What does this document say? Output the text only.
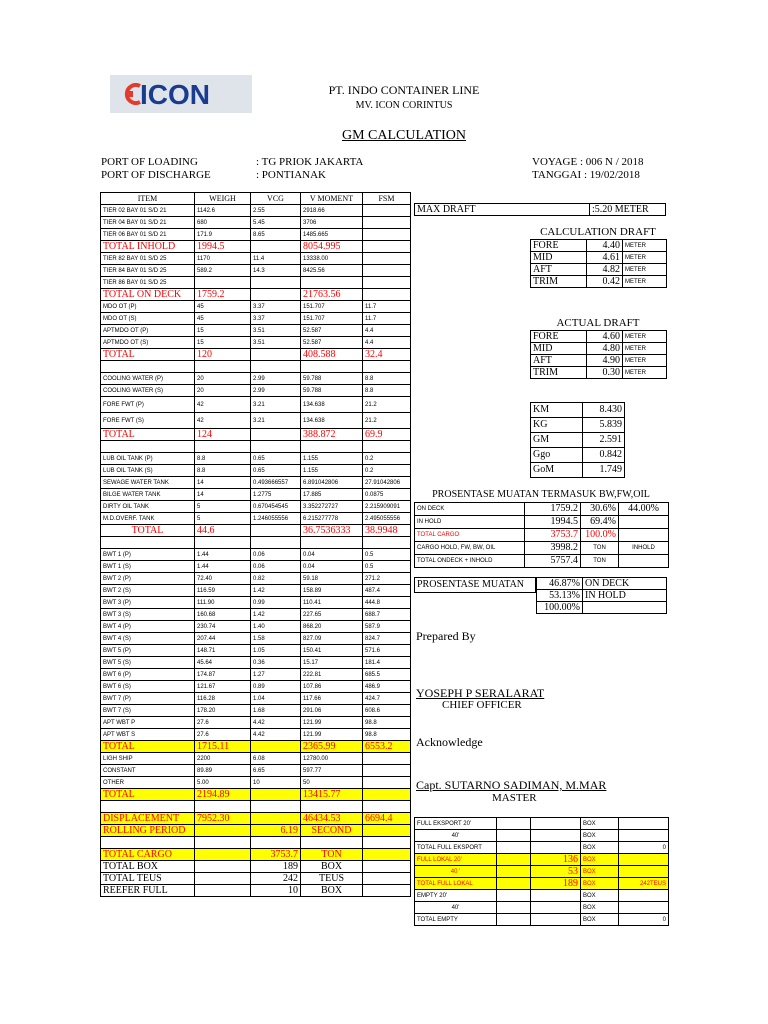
ICON	PT. INDO CONTAINER LINE
MV. ICON CORINTUS
GM CALCULATION
PORT OF LOADING
PORT OF DISCHARGE
: TG PRIOK JAKARTA
: PONTIANAK
VOYAGE : 006 N / 2018
TANGGAI : 19/02/2018
ITEM	WEIGH	VCG	V MOMENT	FSM
TIER 02 BAY 01 S/D 21	1142.6	2.55	2918.66	
TIER 04 BAY 01 S/D 21	680	5.45	3706	
TIER 06 BAY 01 S/D 21	171.9	8.65	1485.665	
TOTAL INHOLD	1994.5		8054.995	
TIER 82 BAY 01 S/D 25	1170	11.4	13338.00	
TIER 84 BAY 01 S/D 25	589.2	14.3	8425.56	
TIER 86 BAY 01 S/D 25				
TOTAL ON DECK	1759.2		21763.56	
MDO OT (P)	45	3.37	151.707	11.7
MDO OT (S)	45	3.37	151.707	11.7
APTMDO OT (P)	15	3.51	52.587	4.4
APTMDO OT (S)	15	3.51	52.587	4.4
TOTAL	120		408.588	32.4

COOLING WATER (P)	20	2.99	59.788	8.8
COOLING WATER (S)	20	2.99	59.788	8.8
FORE FWT (P)	42	3.21	134.638	21.2
FORE FWT (S)	42	3.21	134.638	21.2
TOTAL	124		388.872	69.9

LUB OIL TANK (P)	8.8	0.65	1.155	0.2
LUB OIL TANK (S)	8.8	0.65	1.155	0.2
SEWAGE WATER TANK	14	0.493666557	6.891042806	27.91042806
BILGE WATER TANK	14	1.2775	17.885	0.0875
DIRTY OIL TANK	5	0.670454545	3.352272727	2.215909091
M.D.OVERF. TANK	5	1.246055556	6.215277778	2.495055556
TOTAL	44.6		36.7536333	38.9948

BWT 1 (P)	1.44	0.06	0.04	0.5
BWT 1 (S)	1.44	0.06	0.04	0.5
BWT 2 (P)	72.40	0.82	59.18	271.2
BWT 2 (S)	116.59	1.42	158.89	487.4
BWT 3 (P)	111.90	0.99	110.41	444.8
BWT 3 (S)	160.68	1.42	227.65	688.7
BWT 4 (P)	230.74	1.40	868.20	587.9
BWT 4 (S)	207.44	1.58	827.09	824.7
BWT 5 (P)	148.71	1.05	150.41	571.6
BWT 5 (S)	45.64	0.36	15.17	181.4
BWT 6 (P)	174.87	1.27	222.81	685.5
BWT 6 (S)	121.67	0.89	107.86	486.9
BWT 7 (P)	116.28	1.04	117.66	424.7
BWT 7 (S)	178.20	1.68	291.06	608.6
APT WBT P	27.6	4.42	121.99	98.8
APT WBT S	27.6	4.42	121.99	98.8
TOTAL	1715.11		2365.99	6553.2
LIGH SHIP	2200	6.08	12780.00	
CONSTANT	89.89	6.65	597.77	
OTHER	5.00	10	50	
TOTAL	2194.89		13415.77	

DISPLACEMENT	7952.30		46434.53	6694.4
ROLLING PERIOD		6.19	SECOND	

TOTAL CARGO		3753.7	TON	
TOTAL BOX		189	BOX	
TOTAL TEUS		242	TEUS	
REEFER FULL		10	BOX	
MAX DRAFT	:5.20 METER
CALCULATION DRAFT
FORE	4.40	METER
MID	4.61	METER
AFT	4.82	METER
TRIM	0.42	METER
ACTUAL DRAFT
FORE	4.60	METER
MID	4.80	METER
AFT	4.90	METER
TRIM	0.30	METER
KM	8.430
KG	5.839
GM	2.591
Ggo	0.842
GoM	1.749
PROSENTASE MUATAN TERMASUK BW,FW,OIL
ON DECK	1759.2	30.6%	44.00%
IN HOLD	1994.5	69.4%	
TOTAL CARGO	3753.7	100.0%	
CARGO HOLD, FW, BW, OIL	3998.2	TON	INHOLD
TOTAL ONDECK + INHOLD	5757.4	TON	
PROSENTASE MUATAN	46.87%	ON DECK
53.13%	IN HOLD
100.00%	
Prepared By
YOSEPH P SERALARAT
CHIEF OFFICER
Acknowledge
Capt. SUTARNO SADIMAN, M.MAR
MASTER
FULL EKSPORT 20'			BOX	
40'			BOX	
TOTAL FULL EKSPORT			BOX	0
FULL LOKAL 20'		136	BOX	
40 '		53	BOX	
TOTAL FULL LOKAL		189	BOX	242TEUS
EMPTY 20'			BOX	
40'			BOX	
TOTAL EMPTY			BOX	0
